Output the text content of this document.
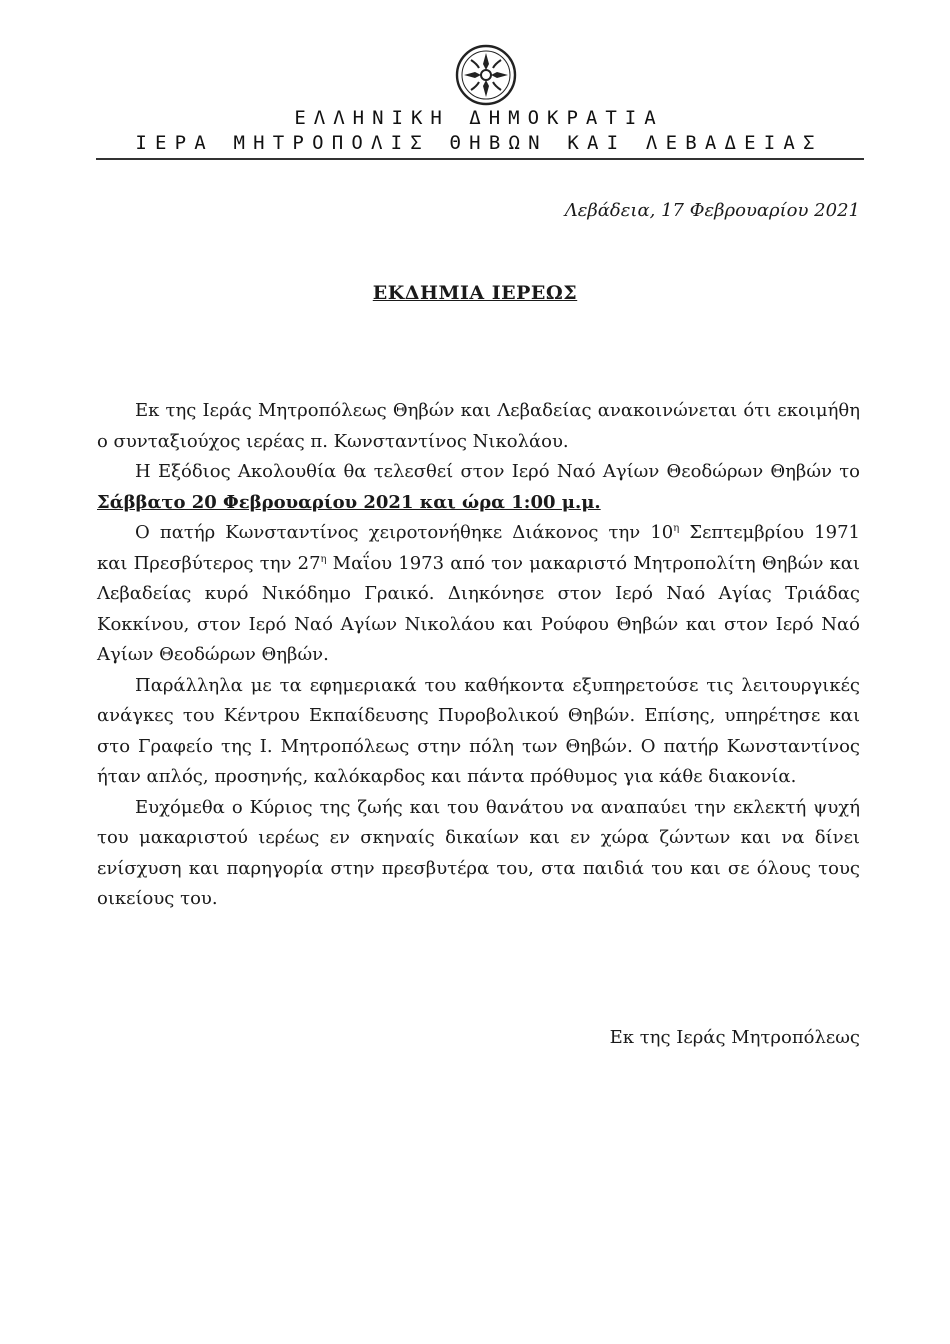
ΕΛΛΗΝΙΚΗ ΔΗΜΟΚΡΑΤΙΑ
ΙΕΡΑ ΜΗΤΡΟΠΟΛΙΣ ΘΗΒΩΝ ΚΑΙ ΛΕΒΑΔΕΙΑΣ
Λεβάδεια, 17 Φεβρουαρίου 2021
ΕΚΔΗΜΙΑ ΙΕΡΕΩΣ

Εκ της Ιεράς Μητροπόλεως Θηβών και Λεβαδείας ανακοινώνεται ότι εκοιμήθη ο συνταξιούχος ιερέας π. Κωνσταντίνος Νικολάου.

Η Εξόδιος Ακολουθία θα τελεσθεί στον Ιερό Ναό Αγίων Θεοδώρων Θηβών το Σάββατο 20 Φεβρουαρίου 2021 και ώρα 1:00 μ.μ.

Ο πατήρ Κωνσταντίνος χειροτονήθηκε Διάκονος την $10^\eta$ Σεπτεμβρίου 1971 και Πρεσβύτερος την $27^\eta$ Μαΐου 1973 από τον μακαριστό Μητροπολίτη Θηβών και Λεβαδείας κυρό Νικόδημο Γραικό. Διηκόνησε στον Ιερό Ναό Αγίας Τριάδας Κοκκίνου, στον Ιερό Ναό Αγίων Νικολάου και Ρούφου Θηβών και στον Ιερό Ναό Αγίων Θεοδώρων Θηβών.

Παράλληλα με τα εφημεριακά του καθήκοντα εξυπηρετούσε τις λειτουργικές ανάγκες του Κέντρου Εκπαίδευσης Πυροβολικού Θηβών. Επίσης, υπηρέτησε και στο Γραφείο της Ι. Μητροπόλεως στην πόλη των Θηβών. Ο πατήρ Κωνσταντίνος ήταν απλός, προσηνής, καλόκαρδος και πάντα πρόθυμος για κάθε διακονία.

Ευχόμεθα ο Κύριος της ζωής και του θανάτου να αναπαύει την εκλεκτή ψυχή του μακαριστού ιερέως εν σκηναίς δικαίων και εν χώρα ζώντων και να δίνει ενίσχυση και παρηγορία στην πρεσβυτέρα του, στα παιδιά του και σε όλους τους οικείους του.

Εκ της Ιεράς Μητροπόλεως
